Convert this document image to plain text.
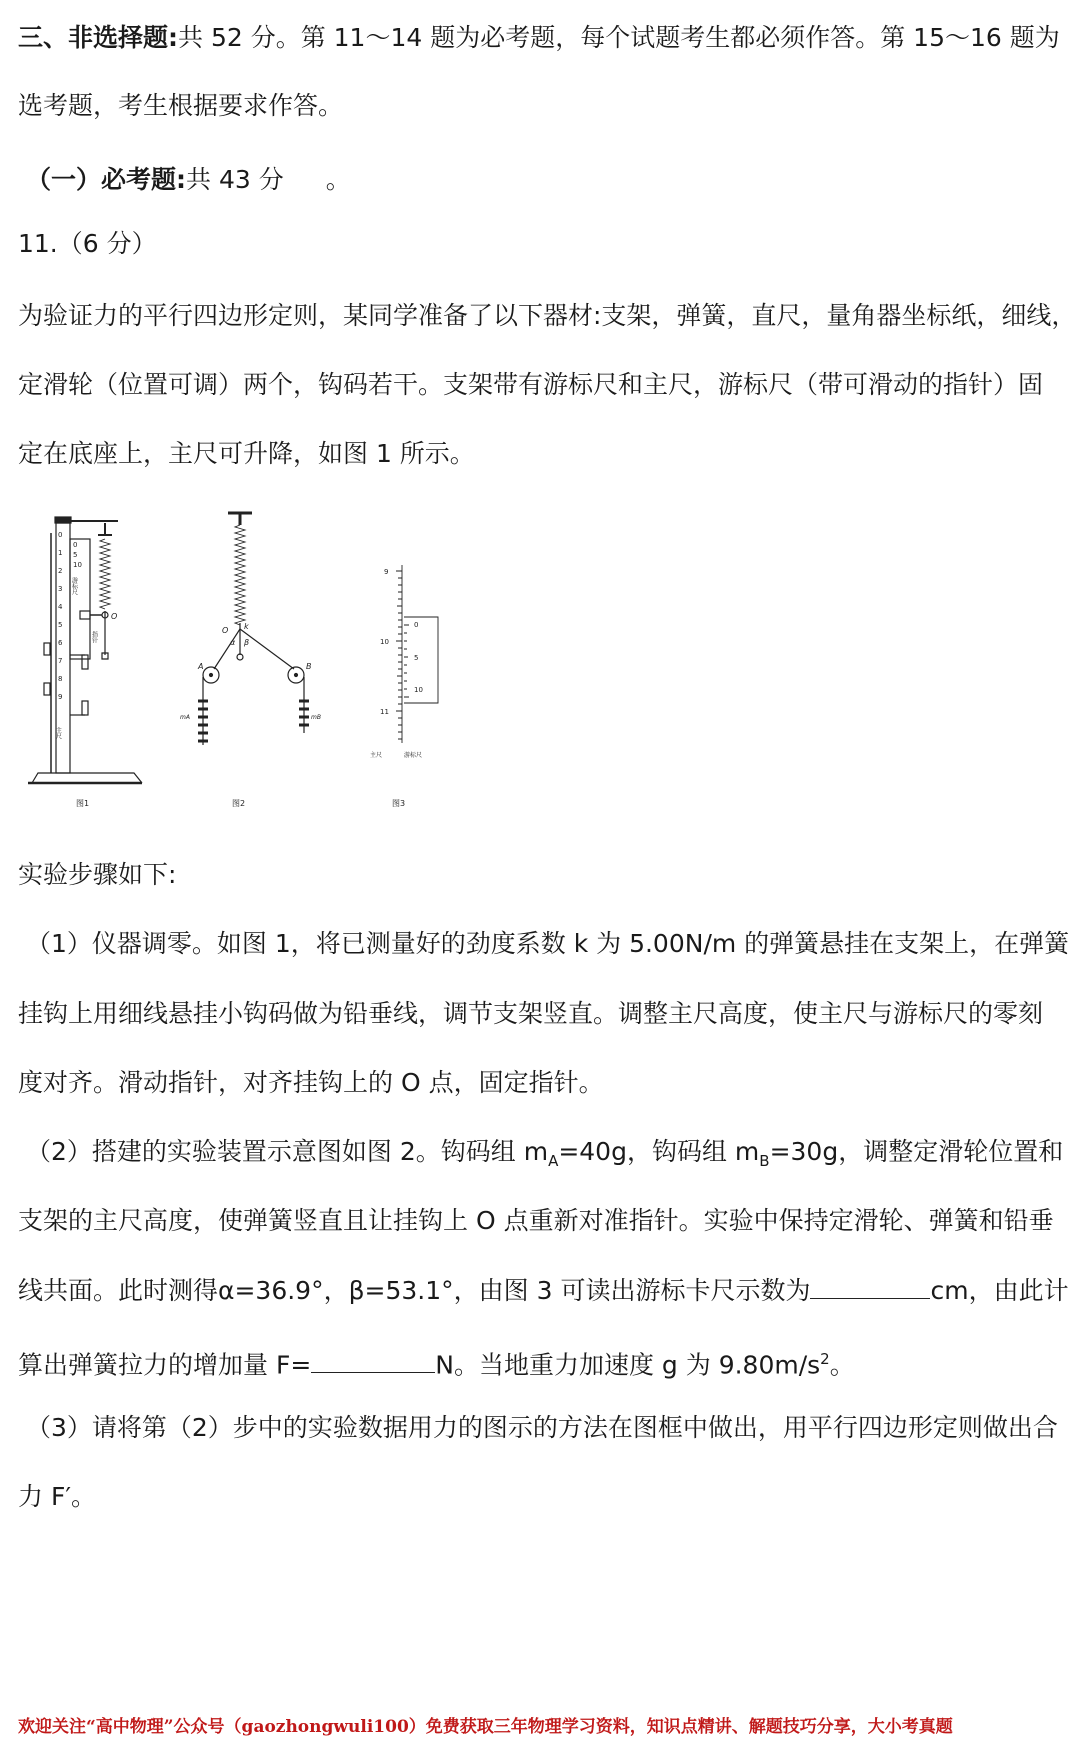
三、非选择题:共 52 分。第 11～14 题为必考题，每个试题考生都必须作答。第 15～16 题为
选考题，考生根据要求作答。
（一）必考题:共 43 分 。
11.（6 分）
为验证力的平行四边形定则，某同学准备了以下器材:支架，弹簧，直尺，量角器坐标纸，细线，
定滑轮（位置可调）两个，钩码若干。支架带有游标尺和主尺，游标尺（带可滑动的指针）固
定在底座上，主尺可升降，如图 1 所示。
0
5
10
游标尺
0
1
2
3
4
5
6
7
8
9
主尺
指针
O
图1
O k
α β
A	B
mA	mB
图2
9
10
11
0
5
10
主尺	游标尺
图3
实验步骤如下:
（1）仪器调零。如图 1，将已测量好的劲度系数 k 为 5.00N/m 的弹簧悬挂在支架上，在弹簧
挂钩上用细线悬挂小钩码做为铅垂线，调节支架竖直。调整主尺高度，使主尺与游标尺的零刻
度对齐。滑动指针，对齐挂钩上的 O 点，固定指针。
（2）搭建的实验装置示意图如图 2。钩码组 $m_A=40g$，钩码组 $m_B=30g$，调整定滑轮位置和
支架的主尺高度，使弹簧竖直且让挂钩上 O 点重新对准指针。实验中保持定滑轮、弹簧和铅垂
线共面。此时测得α=36.9°，β=53.1°，由图 3 可读出游标卡尺示数为	cm，由此计
算出弹簧拉力的增加量 F=	N。当地重力加速度 g 为 $9.80m/s^2$。
（3）请将第（2）步中的实验数据用力的图示的方法在图框中做出，用平行四边形定则做出合
力 F′。
欢迎关注“高中物理”公众号（gaozhongwuli100）免费获取三年物理学习资料，知识点精讲、解题技巧分享，大小考真题
